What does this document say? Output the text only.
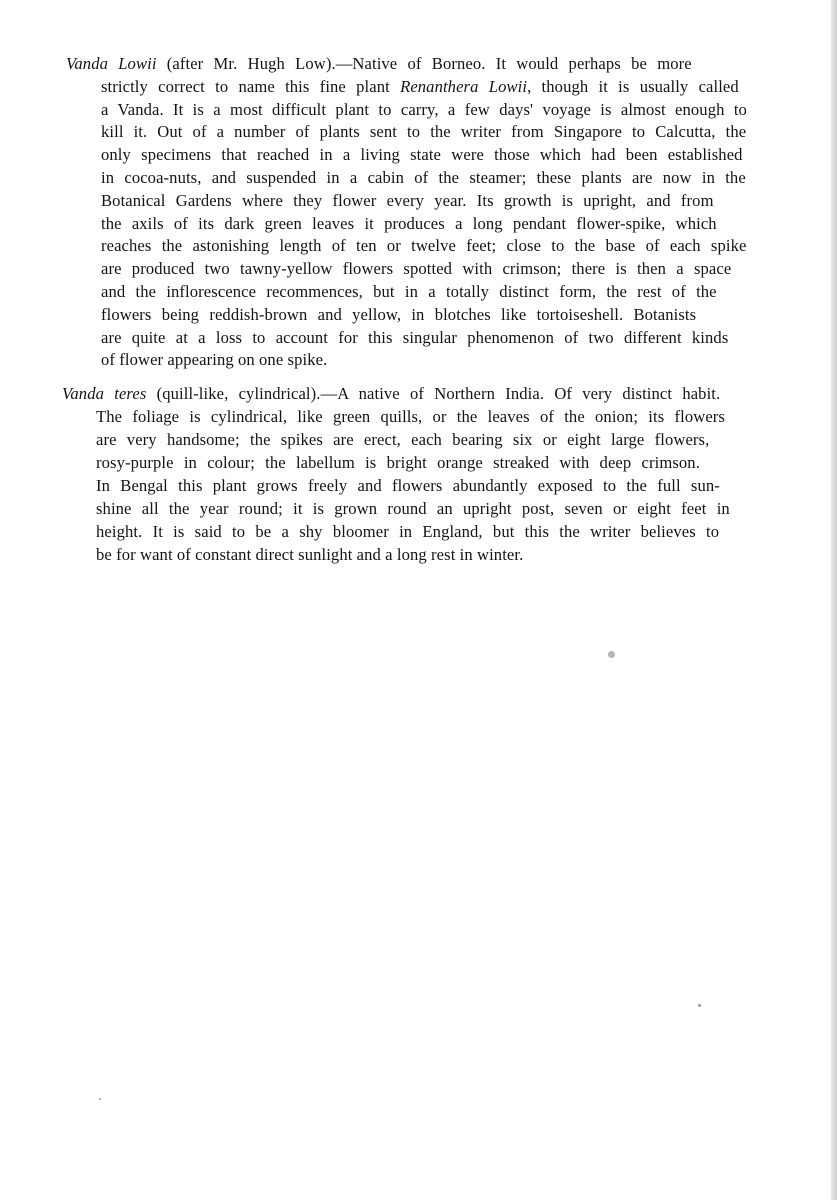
Vanda Lowii (after Mr. Hugh Low).—Native of Borneo. It would perhaps be more
strictly correct to name this fine plant Renanthera Lowii, though it is usually called
a Vanda. It is a most difficult plant to carry, a few days' voyage is almost enough to
kill it. Out of a number of plants sent to the writer from Singapore to Calcutta, the
only specimens that reached in a living state were those which had been established
in cocoa-nuts, and suspended in a cabin of the steamer; these plants are now in the
Botanical Gardens where they flower every year. Its growth is upright, and from
the axils of its dark green leaves it produces a long pendant flower-spike, which
reaches the astonishing length of ten or twelve feet; close to the base of each spike
are produced two tawny-yellow flowers spotted with crimson; there is then a space
and the inflorescence recommences, but in a totally distinct form, the rest of the
flowers being reddish-brown and yellow, in blotches like tortoiseshell. Botanists
are quite at a loss to account for this singular phenomenon of two different kinds
of flower appearing on one spike.
Vanda teres (quill-like, cylindrical).—A native of Northern India. Of very distinct habit.
The foliage is cylindrical, like green quills, or the leaves of the onion; its flowers
are very handsome; the spikes are erect, each bearing six or eight large flowers,
rosy-purple in colour; the labellum is bright orange streaked with deep crimson.
In Bengal this plant grows freely and flowers abundantly exposed to the full sun-
shine all the year round; it is grown round an upright post, seven or eight feet in
height. It is said to be a shy bloomer in England, but this the writer believes to
be for want of constant direct sunlight and a long rest in winter.
